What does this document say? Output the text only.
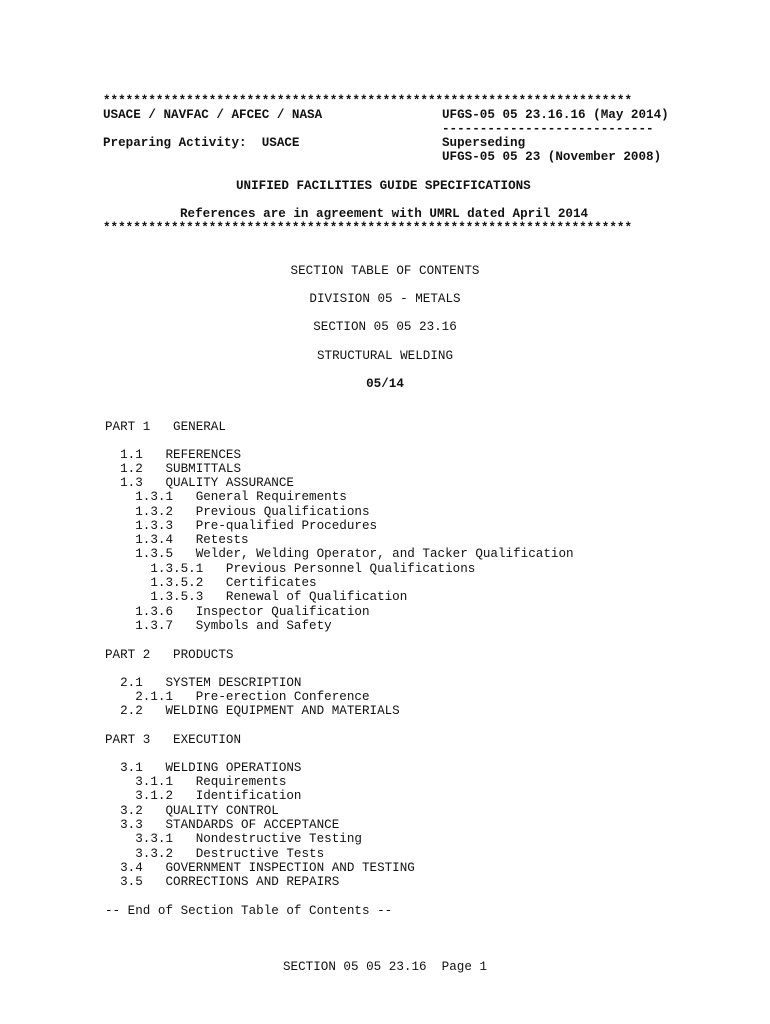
**********************************************************************
USACE / NAVFAC / AFCEC / NASA	UFGS-05 05 23.16.16 (May 2014)
----------------------------
Preparing Activity:  USACE	Superseding
UFGS-05 05 23 (November 2008)
UNIFIED FACILITIES GUIDE SPECIFICATIONS
References are in agreement with UMRL dated April 2014
**********************************************************************
SECTION TABLE OF CONTENTS
DIVISION 05 - METALS
SECTION 05 05 23.16
STRUCTURAL WELDING
05/14
PART 1   GENERAL
1.1   REFERENCES
1.2   SUBMITTALS
1.3   QUALITY ASSURANCE
1.3.1   General Requirements
1.3.2   Previous Qualifications
1.3.3   Pre-qualified Procedures
1.3.4   Retests
1.3.5   Welder, Welding Operator, and Tacker Qualification
1.3.5.1   Previous Personnel Qualifications
1.3.5.2   Certificates
1.3.5.3   Renewal of Qualification
1.3.6   Inspector Qualification
1.3.7   Symbols and Safety
PART 2   PRODUCTS
2.1   SYSTEM DESCRIPTION
2.1.1   Pre-erection Conference
2.2   WELDING EQUIPMENT AND MATERIALS
PART 3   EXECUTION
3.1   WELDING OPERATIONS
3.1.1   Requirements
3.1.2   Identification
3.2   QUALITY CONTROL
3.3   STANDARDS OF ACCEPTANCE
3.3.1   Nondestructive Testing
3.3.2   Destructive Tests
3.4   GOVERNMENT INSPECTION AND TESTING
3.5   CORRECTIONS AND REPAIRS
-- End of Section Table of Contents --
SECTION 05 05 23.16  Page 1
